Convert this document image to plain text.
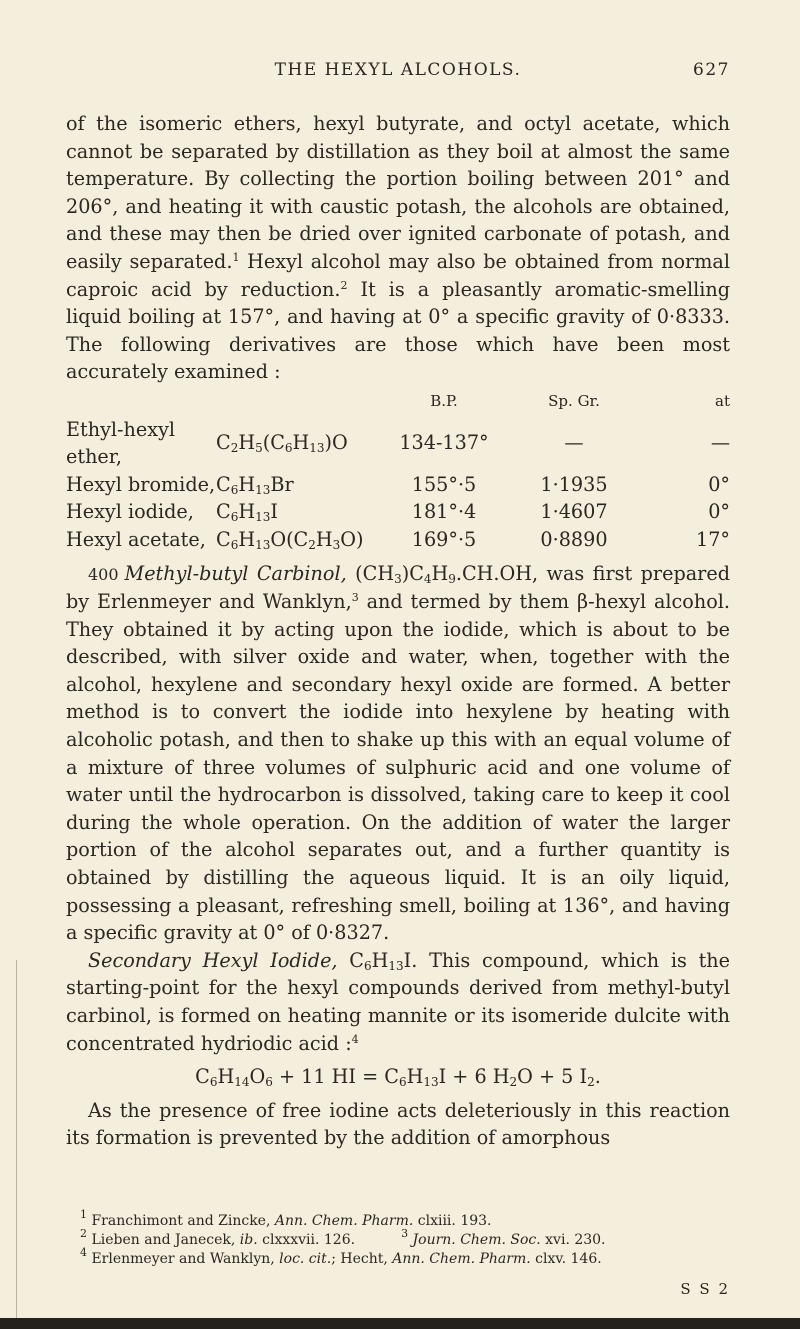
THE HEXYL ALCOHOLS.	627

of the isomeric ethers, hexyl butyrate, and octyl acetate, which cannot be separated by distillation as they boil at almost the same temperature. By collecting the portion boiling between 201° and 206°, and heating it with caustic potash, the alcohols are obtained, and these may then be dried over ignited carbonate of potash, and easily separated.$^1$ Hexyl alcohol may also be obtained from normal caproic acid by reduction.$^2$ It is a pleasantly aromatic-smelling liquid boiling at 157°, and having at 0° a specific gravity of 0·8333. The following derivatives are those which have been most accurately examined :

		B.P.	Sp. Gr.	at
Ethyl-hexyl ether,	$C_2H_5(C_6H_{13})O$	134-137°	—	—
Hexyl bromide,	$C_6H_{13}Br$	155°·5	1·1935	0°
Hexyl iodide,	$C_6H_{13}I$	181°·4	1·4607	0°
Hexyl acetate,	$C_6H_{13}O(C_2H_3O)$	169°·5	0·8890	17°

400 Methyl-butyl Carbinol, $(CH_3)C_4H_9.CH.OH$, was first prepared by Erlenmeyer and Wanklyn,$^3$ and termed by them β-hexyl alcohol. They obtained it by acting upon the iodide, which is about to be described, with silver oxide and water, when, together with the alcohol, hexylene and secondary hexyl oxide are formed. A better method is to convert the iodide into hexylene by heating with alcoholic potash, and then to shake up this with an equal volume of a mixture of three volumes of sulphuric acid and one volume of water until the hydrocarbon is dissolved, taking care to keep it cool during the whole operation. On the addition of water the larger portion of the alcohol separates out, and a further quantity is obtained by distilling the aqueous liquid. It is an oily liquid, possessing a pleasant, refreshing smell, boiling at 136°, and having a specific gravity at 0° of 0·8327.

Secondary Hexyl Iodide, $C_6H_{13}I$. This compound, which is the starting-point for the hexyl compounds derived from methyl-butyl carbinol, is formed on heating mannite or its isomeride dulcite with concentrated hydriodic acid :$^4$

$C_6H_{14}O_6 + 11$ HI = $C_6H_{13}I + 6$ $H_2O + 5$ $I_2$.

As the presence of free iodine acts deleteriously in this reaction its formation is prevented by the addition of amorphous

$^1$ Franchimont and Zincke, Ann. Chem. Pharm. clxiii. 193.
$^2$ Lieben and Janecek, ib. clxxxvii. 126.	$^3$ Journ. Chem. Soc. xvi. 230.
$^4$ Erlenmeyer and Wanklyn, loc. cit.; Hecht, Ann. Chem. Pharm. clxv. 146.
S S 2
